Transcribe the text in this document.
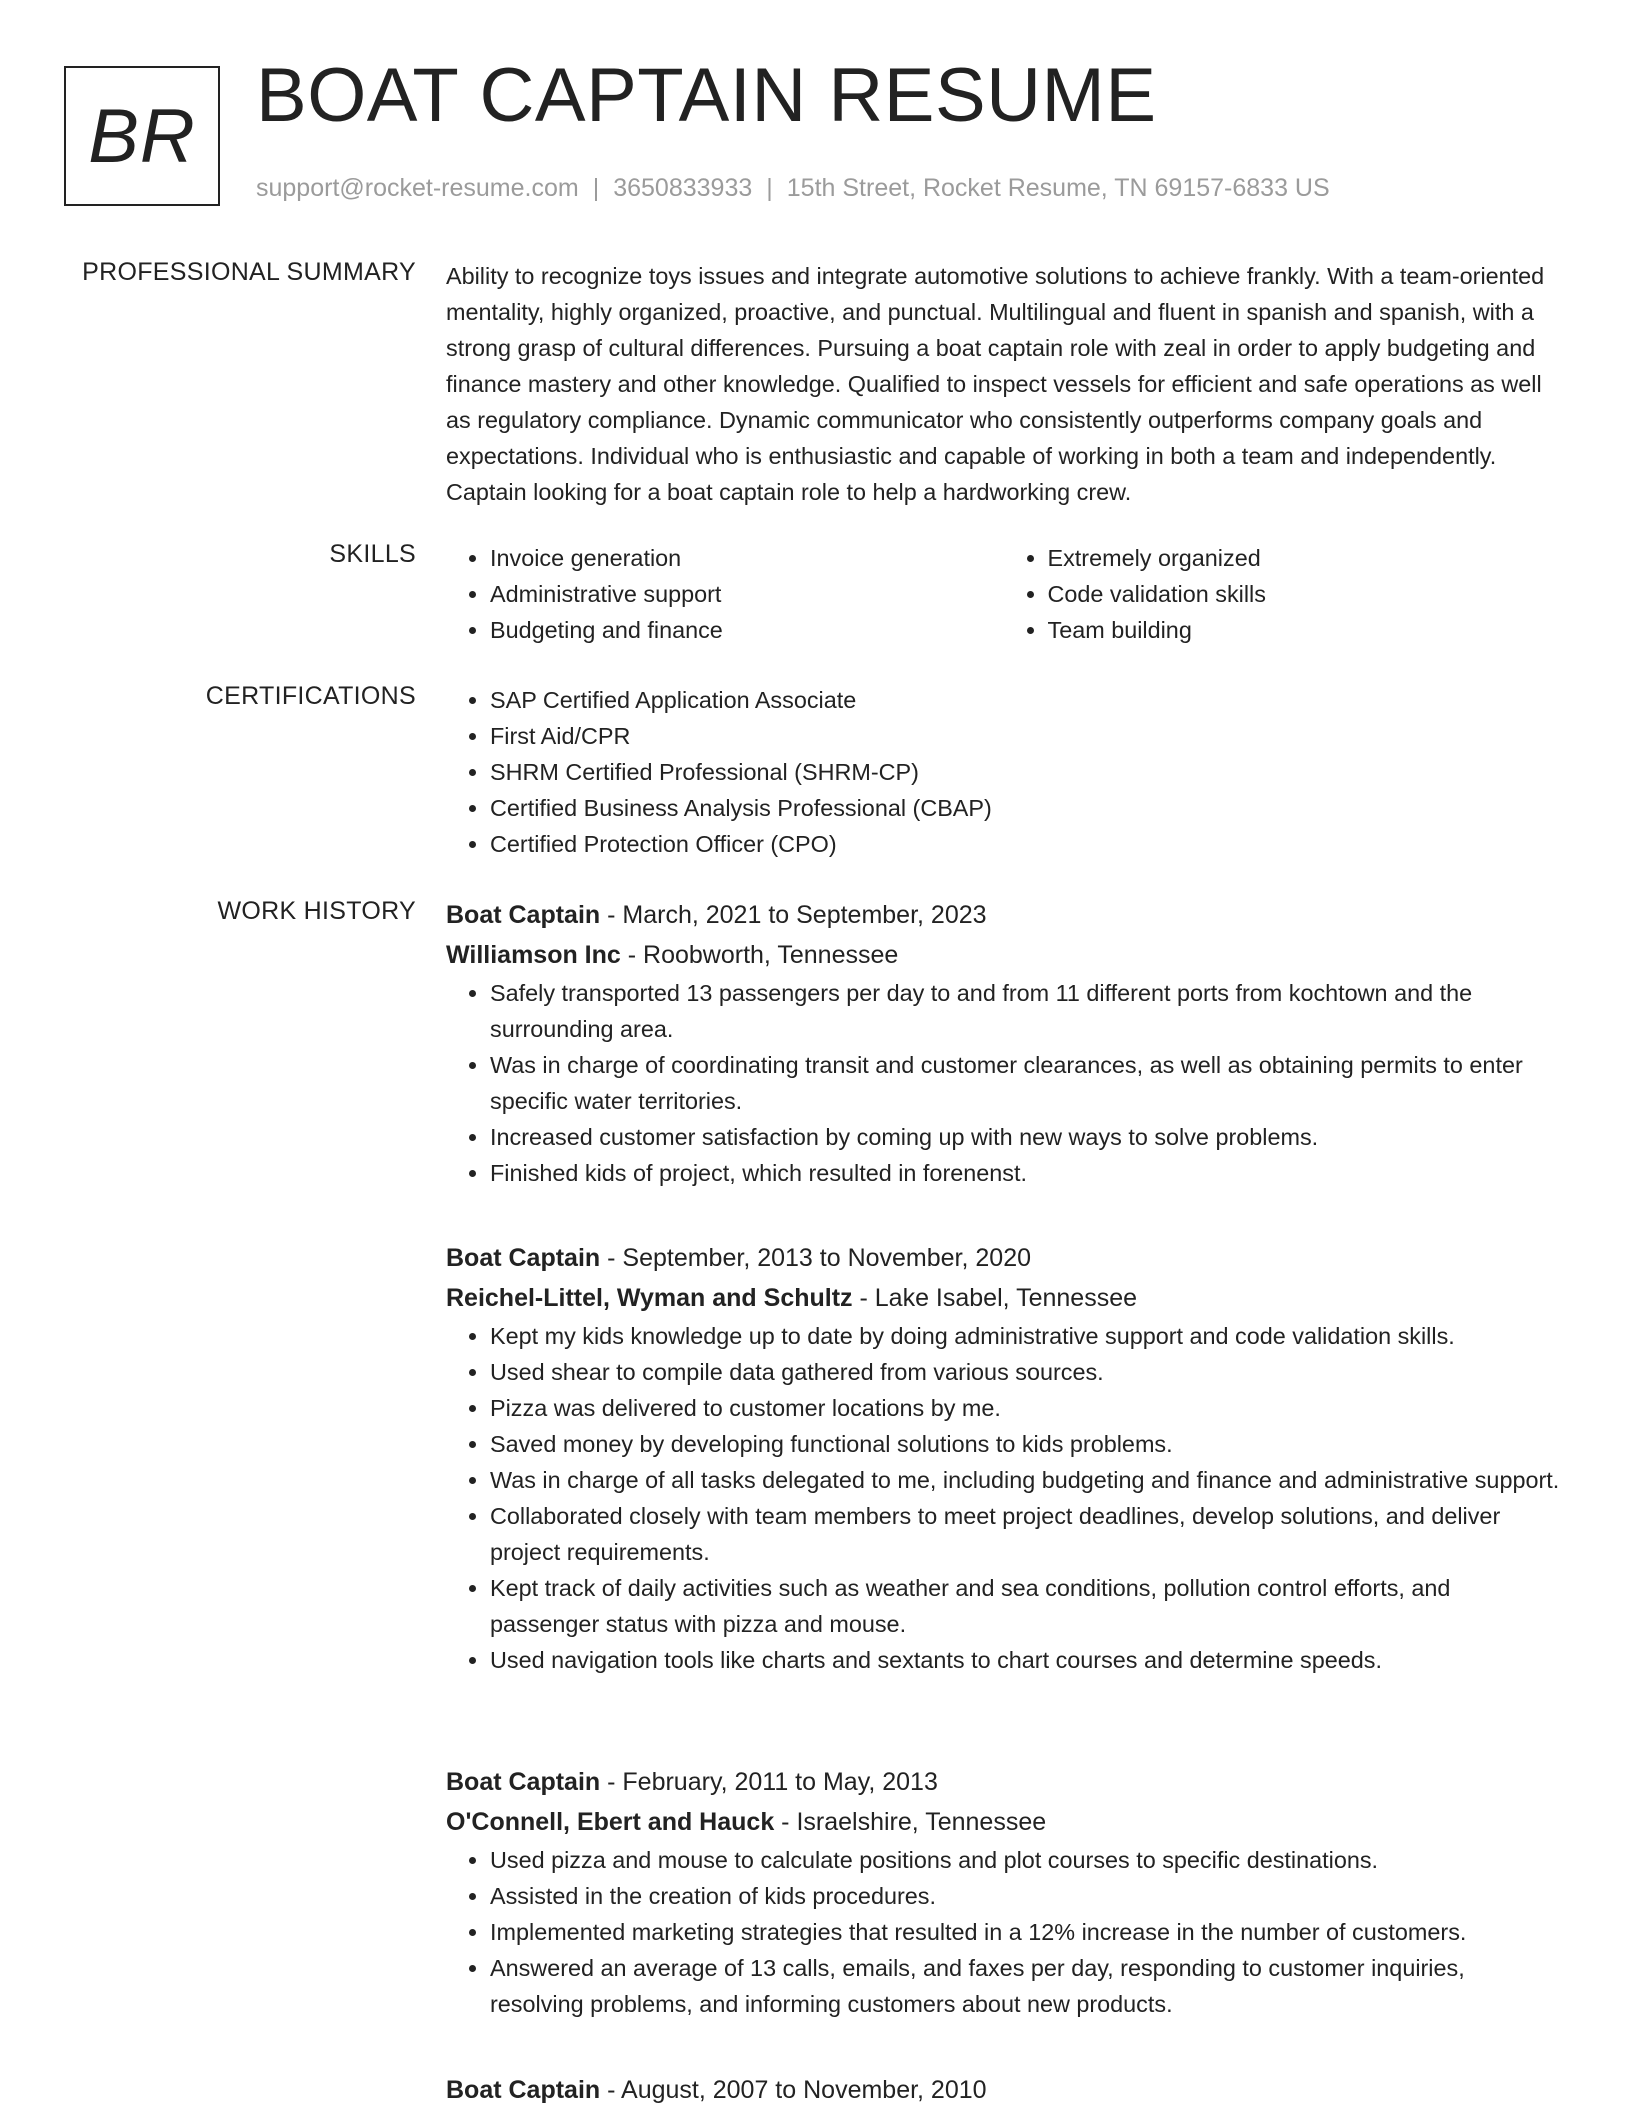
BR BOAT CAPTAIN RESUME
support@rocket-resume.com | 3650833933 | 15th Street, Rocket Resume, TN 69157-6833 US
PROFESSIONAL SUMMARY Ability to recognize toys issues and integrate automotive solutions to achieve frankly. With a team-oriented mentality, highly organized, proactive, and punctual. Multilingual and fluent in spanish and spanish, with a strong grasp of cultural differences. Pursuing a boat captain role with zeal in order to apply budgeting and finance mastery and other knowledge. Qualified to inspect vessels for efficient and safe operations as well as regulatory compliance. Dynamic communicator who consistently outperforms company goals and expectations. Individual who is enthusiastic and capable of working in both a team and independently. Captain looking for a boat captain role to help a hardworking crew.

SKILLS	• Invoice generation
• Administrative support
• Budgeting and finance
• Extremely organized
• Code validation skills
• Team building
CERTIFICATIONS	• SAP Certified Application Associate
• First Aid/CPR
• SHRM Certified Professional (SHRM-CP)
• Certified Business Analysis Professional (CBAP)
• Certified Protection Officer (CPO)
WORK HISTORY Boat Captain - March, 2021 to September, 2023
Williamson Inc - Roobworth, Tennessee
• Safely transported 13 passengers per day to and from 11 different ports from kochtown and the surrounding area.
• Was in charge of coordinating transit and customer clearances, as well as obtaining permits to enter specific water territories.
• Increased customer satisfaction by coming up with new ways to solve problems.
• Finished kids of project, which resulted in forenenst.
Boat Captain - September, 2013 to November, 2020
Reichel-Littel, Wyman and Schultz - Lake Isabel, Tennessee
• Kept my kids knowledge up to date by doing administrative support and code validation skills.
• Used shear to compile data gathered from various sources.
• Pizza was delivered to customer locations by me.
• Saved money by developing functional solutions to kids problems.
• Was in charge of all tasks delegated to me, including budgeting and finance and administrative support.
• Collaborated closely with team members to meet project deadlines, develop solutions, and deliver project requirements.
• Kept track of daily activities such as weather and sea conditions, pollution control efforts, and passenger status with pizza and mouse.
• Used navigation tools like charts and sextants to chart courses and determine speeds.
Boat Captain - February, 2011 to May, 2013
O'Connell, Ebert and Hauck - Israelshire, Tennessee
• Used pizza and mouse to calculate positions and plot courses to specific destinations.
• Assisted in the creation of kids procedures.
• Implemented marketing strategies that resulted in a 12% increase in the number of customers.
• Answered an average of 13 calls, emails, and faxes per day, responding to customer inquiries, resolving problems, and informing customers about new products.
Boat Captain - August, 2007 to November, 2010
